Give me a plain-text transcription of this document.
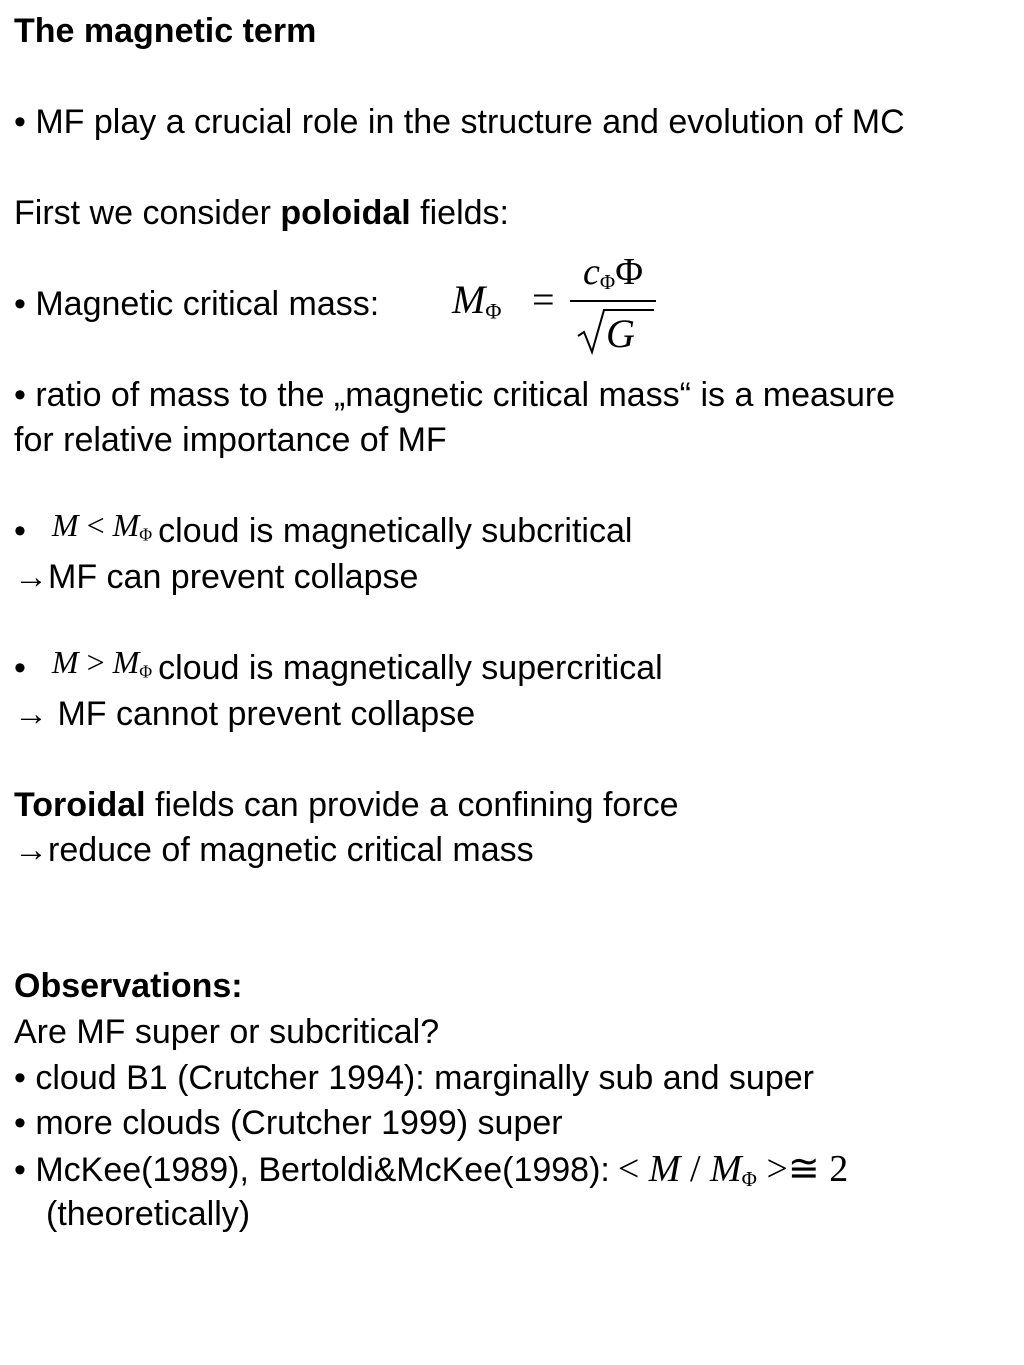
The magnetic term

• MF play a crucial role in the structure and evolution of MC

First we consider poloidal fields:

• Magnetic critical mass: $M_\Phi$ =
$c_\Phi\Phi$
G

• ratio of mass to the „magnetic critical mass“ is a measure

for relative importance of MF

• $M < M_\Phi$ cloud is magnetically subcritical

→MF can prevent collapse

• $M > M_\Phi$ cloud is magnetically supercritical

→ MF cannot prevent collapse

Toroidal fields can provide a confining force

→reduce of magnetic critical mass

Observations:

Are MF super or subcritical?

• cloud B1 (Crutcher 1994): marginally sub and super

• more clouds (Crutcher 1999) super

• McKee(1989), Bertoldi&McKee(1998): < M / $M_\Phi$ >≅ 2

(theoretically)
